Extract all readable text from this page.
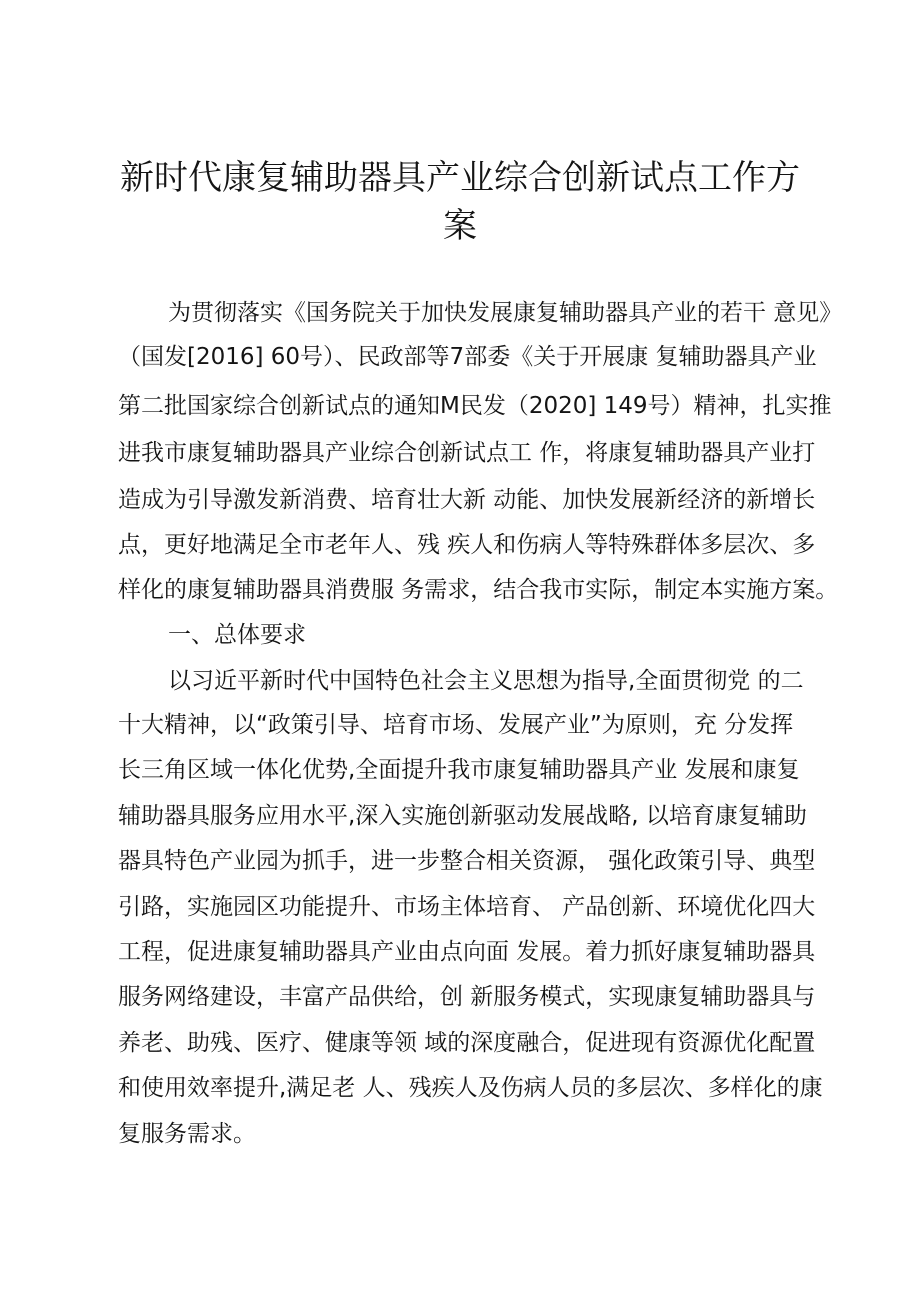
新时代康复辅助器具产业综合创新试点工作方
案
为贯彻落实《国务院关于加快发展康复辅助器具产业的若干 意见》
（国发[2016] 60号）、民政部等7部委《关于开展康 复辅助器具产业
第二批国家综合创新试点的通知M民发（2020] 149号）精神，扎实推
进我市康复辅助器具产业综合创新试点工 作，将康复辅助器具产业打
造成为引导激发新消费、培育壮大新 动能、加快发展新经济的新增长
点，更好地满足全市老年人、残 疾人和伤病人等特殊群体多层次、多
样化的康复辅助器具消费服 务需求，结合我市实际，制定本实施方案。
一、总体要求
以习近平新时代中国特色社会主义思想为指导,全面贯彻党 的二
十大精神，以“政策引导、培育市场、发展产业”为原则，充 分发挥
长三角区域一体化优势,全面提升我市康复辅助器具产业 发展和康复
辅助器具服务应用水平,深入实施创新驱动发展战略, 以培育康复辅助
器具特色产业园为抓手，进一步整合相关资源， 强化政策引导、典型
引路，实施园区功能提升、市场主体培育、 产品创新、环境优化四大
工程，促进康复辅助器具产业由点向面 发展。着力抓好康复辅助器具
服务网络建设，丰富产品供给，创 新服务模式，实现康复辅助器具与
养老、助残、医疗、健康等领 域的深度融合，促进现有资源优化配置
和使用效率提升,满足老 人、残疾人及伤病人员的多层次、多样化的康
复服务需求。
